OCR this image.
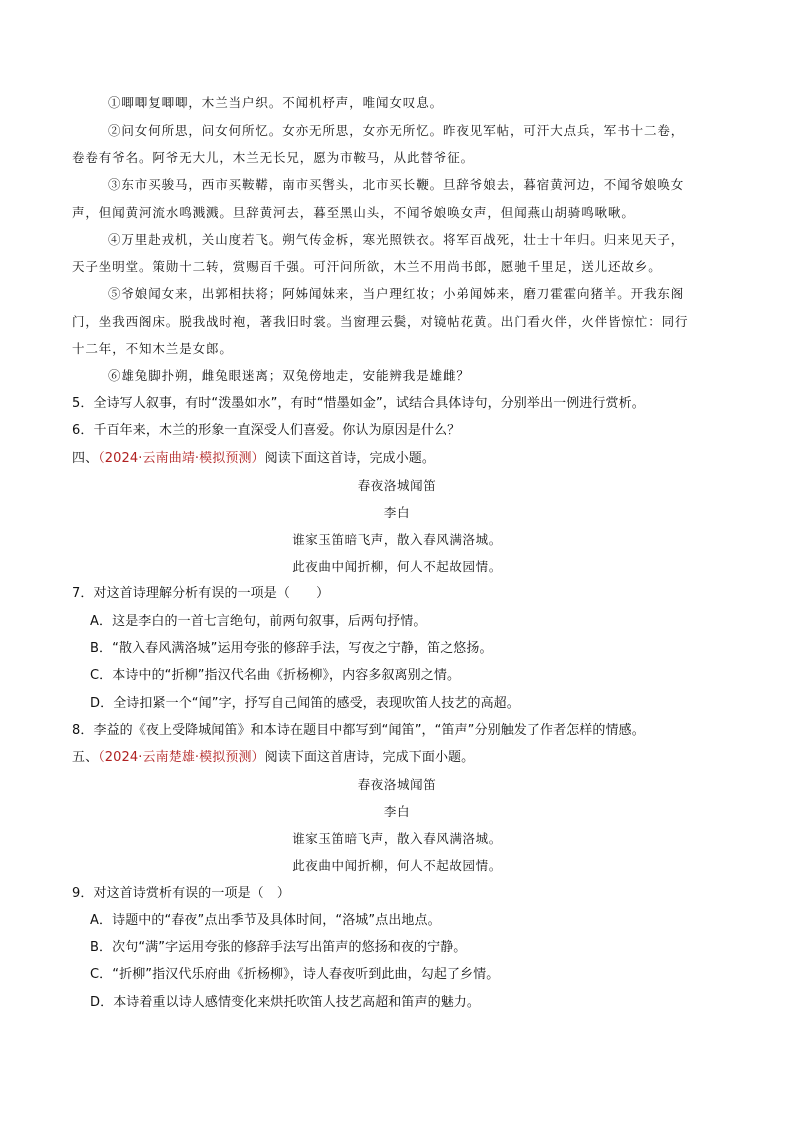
①唧唧复唧唧，木兰当户织。不闻机杼声，唯闻女叹息。
②问女何所思，问女何所忆。女亦无所思，女亦无所忆。昨夜见军帖，可汗大点兵，军书十二卷，
卷卷有爷名。阿爷无大儿，木兰无长兄，愿为市鞍马，从此替爷征。
③东市买骏马，西市买鞍鞯，南市买辔头，北市买长鞭。旦辞爷娘去，暮宿黄河边，不闻爷娘唤女
声，但闻黄河流水鸣溅溅。旦辞黄河去，暮至黑山头，不闻爷娘唤女声，但闻燕山胡骑鸣啾啾。
④万里赴戎机，关山度若飞。朔气传金柝，寒光照铁衣。将军百战死，壮士十年归。归来见天子，
天子坐明堂。策勋十二转，赏赐百千强。可汗问所欲，木兰不用尚书郎，愿驰千里足，送儿还故乡。
⑤爷娘闻女来，出郭相扶将；阿姊闻妹来，当户理红妆；小弟闻姊来，磨刀霍霍向猪羊。开我东阁
门，坐我西阁床。脱我战时袍，著我旧时裳。当窗理云鬓，对镜帖花黄。出门看火伴，火伴皆惊忙：同行
十二年，不知木兰是女郎。
⑥雄兔脚扑朔，雌兔眼迷离；双兔傍地走，安能辨我是雄雌？
5．全诗写人叙事，有时“泼墨如水”，有时“惜墨如金”，试结合具体诗句，分别举出一例进行赏析。
6．千百年来，木兰的形象一直深受人们喜爱。你认为原因是什么？
四、（2024·云南曲靖·模拟预测）阅读下面这首诗，完成小题。
春夜洛城闻笛
李白
谁家玉笛暗飞声，散入春风满洛城。
此夜曲中闻折柳，何人不起故园情。
7．对这首诗理解分析有误的一项是（　　）
A．这是李白的一首七言绝句，前两句叙事，后两句抒情。
B．“散入春风满洛城”运用夸张的修辞手法，写夜之宁静，笛之悠扬。
C．本诗中的“折柳”指汉代名曲《折杨柳》，内容多叙离别之情。
D．全诗扣紧一个“闻”字，抒写自己闻笛的感受，表现吹笛人技艺的高超。
8．李益的《夜上受降城闻笛》和本诗在题目中都写到“闻笛”，“笛声”分别触发了作者怎样的情感。
五、（2024·云南楚雄·模拟预测）阅读下面这首唐诗，完成下面小题。
春夜洛城闻笛
李白
谁家玉笛暗飞声，散入春风满洛城。
此夜曲中闻折柳，何人不起故园情。
9．对这首诗赏析有误的一项是（　）
A．诗题中的“春夜”点出季节及具体时间，“洛城”点出地点。
B．次句“满”字运用夸张的修辞手法写出笛声的悠扬和夜的宁静。
C．“折柳”指汉代乐府曲《折杨柳》，诗人春夜听到此曲，勾起了乡情。
D．本诗着重以诗人感情变化来烘托吹笛人技艺高超和笛声的魅力。
